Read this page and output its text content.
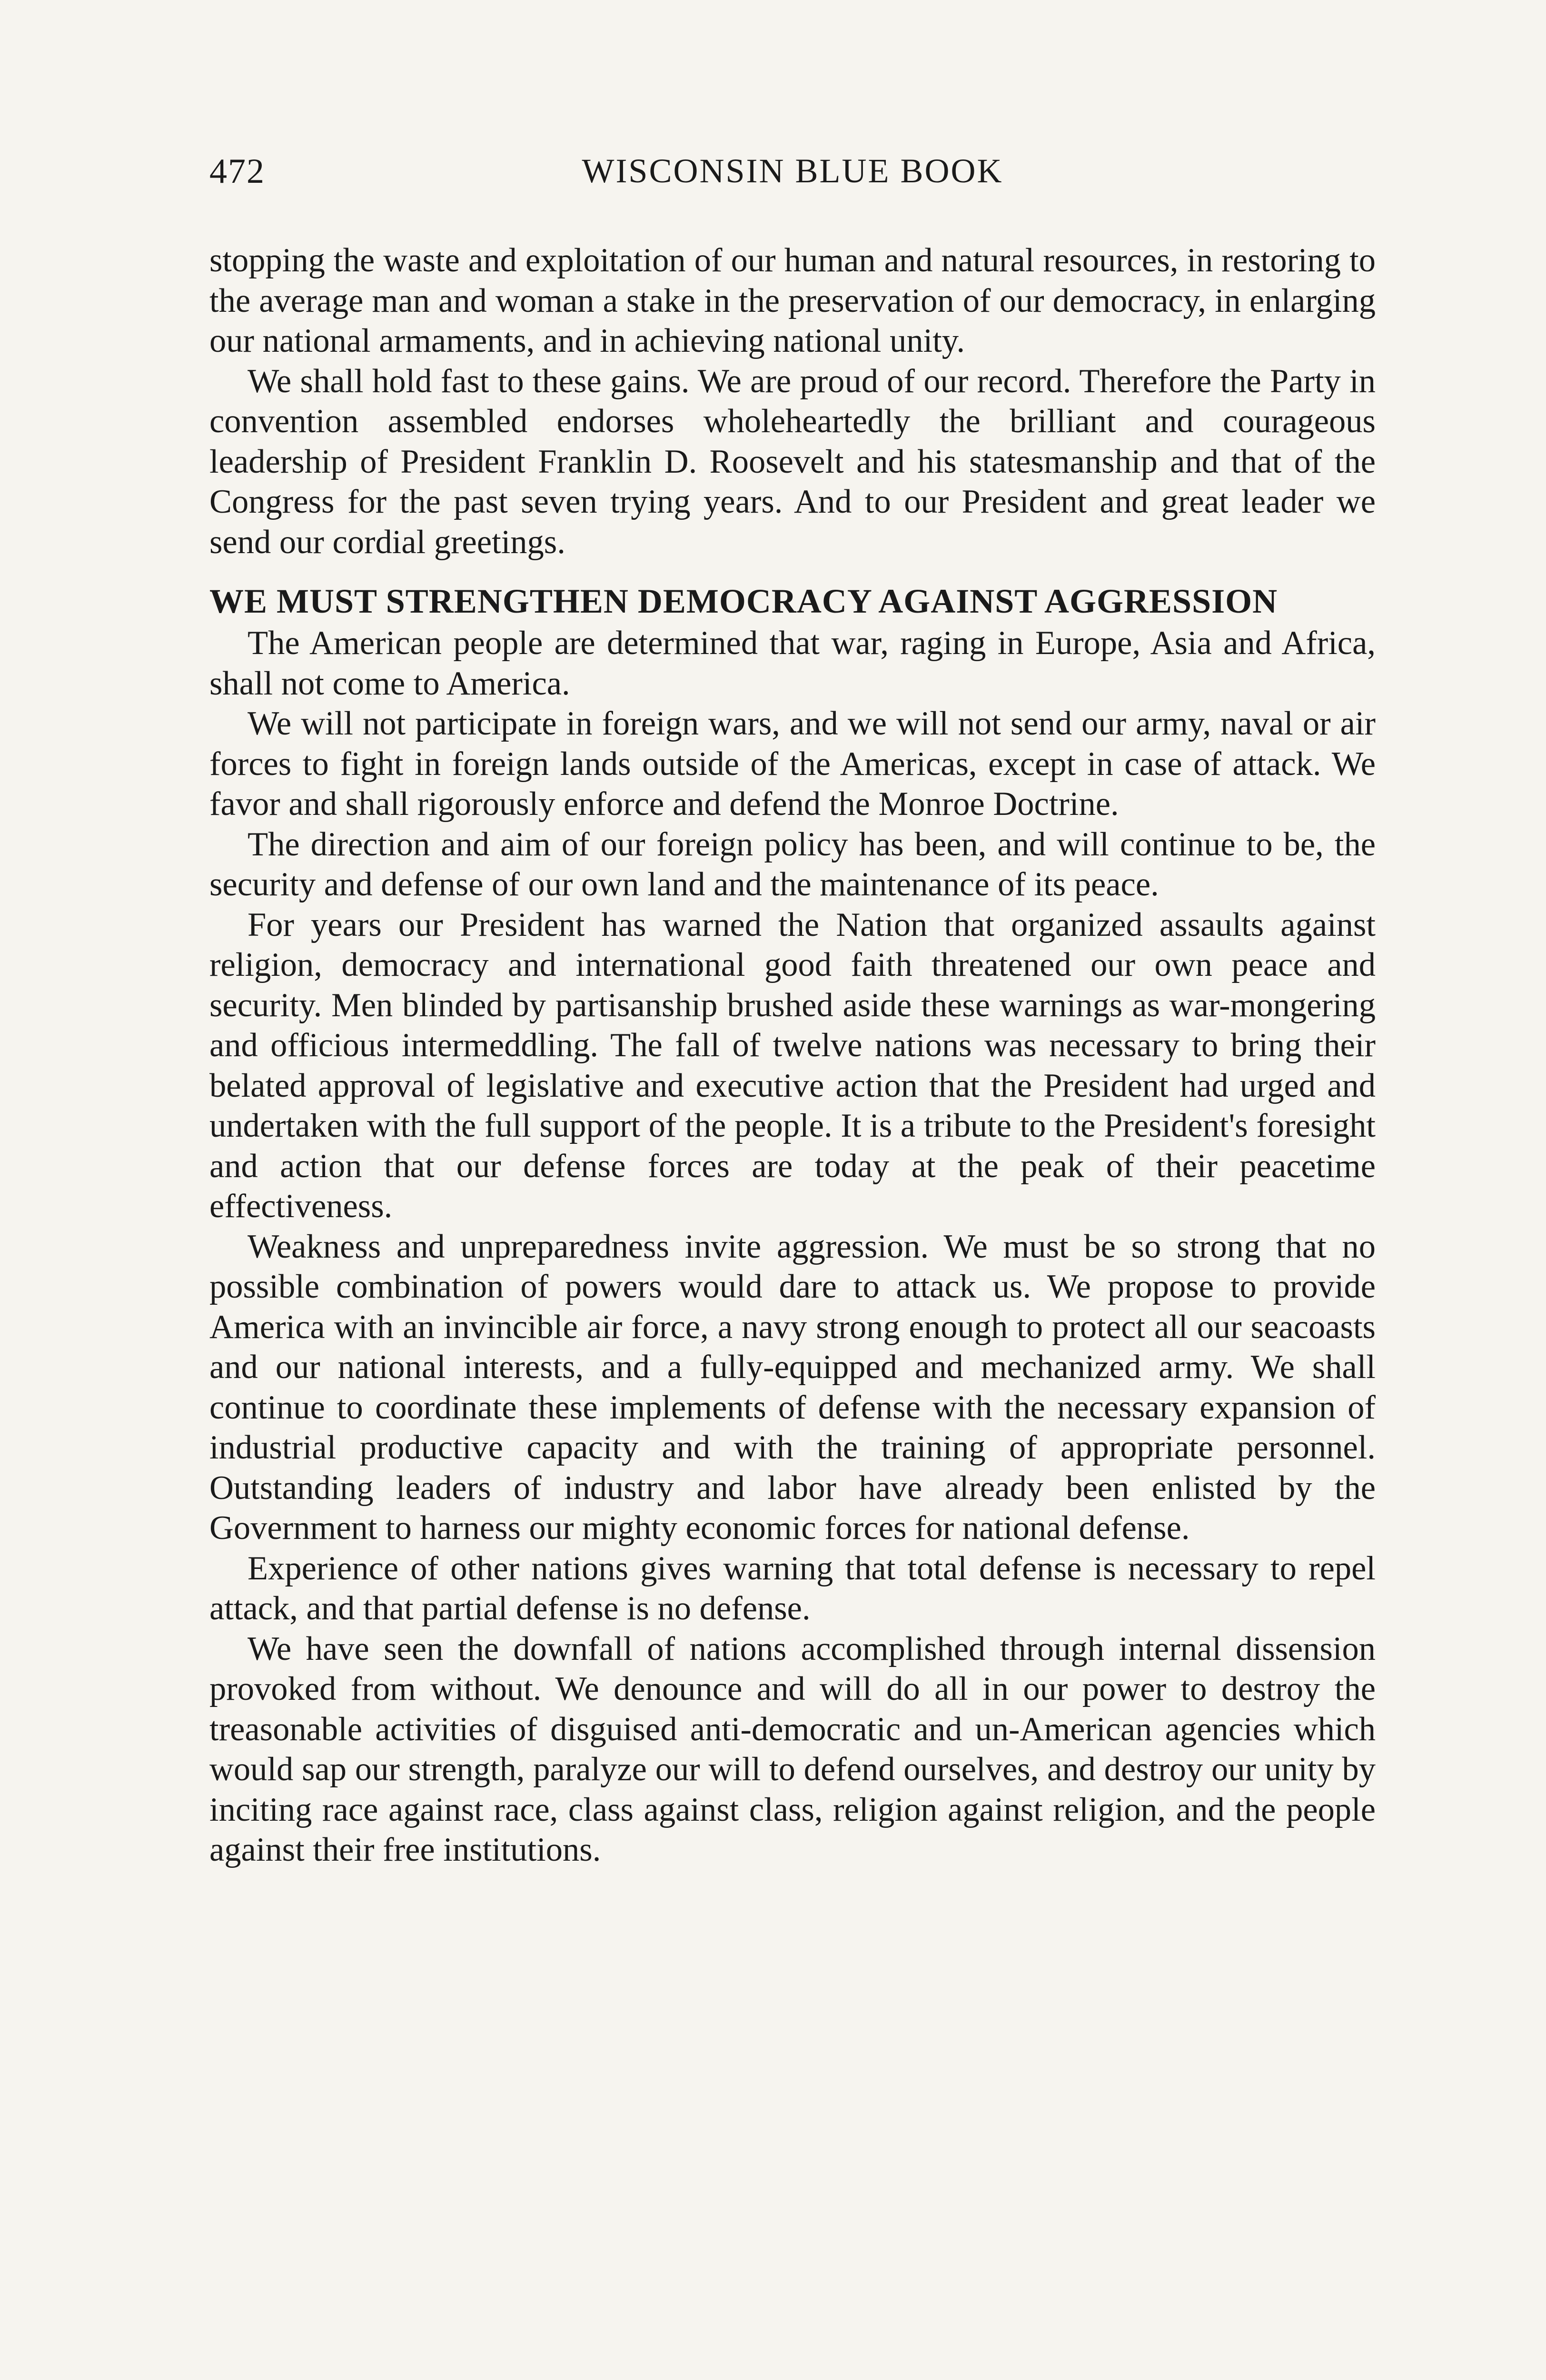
472	WISCONSIN BLUE BOOK

stopping the waste and exploitation of our human and natural resources, in restoring to the average man and woman a stake in the preservation of our democracy, in enlarging our national armaments, and in achieving national unity.

We shall hold fast to these gains. We are proud of our record. Therefore the Party in convention assembled endorses wholeheartedly the brilliant and courageous leadership of President Franklin D. Roosevelt and his statesmanship and that of the Congress for the past seven trying years. And to our President and great leader we send our cordial greetings.

WE MUST STRENGTHEN DEMOCRACY AGAINST AGGRESSION

The American people are determined that war, raging in Europe, Asia and Africa, shall not come to America.

We will not participate in foreign wars, and we will not send our army, naval or air forces to fight in foreign lands outside of the Americas, except in case of attack. We favor and shall rigorously enforce and defend the Monroe Doctrine.

The direction and aim of our foreign policy has been, and will continue to be, the security and defense of our own land and the maintenance of its peace.

For years our President has warned the Nation that organized assaults against religion, democracy and international good faith threatened our own peace and security. Men blinded by partisanship brushed aside these warnings as war-mongering and officious intermeddling. The fall of twelve nations was necessary to bring their belated approval of legislative and executive action that the President had urged and undertaken with the full support of the people. It is a tribute to the President's foresight and action that our defense forces are today at the peak of their peacetime effectiveness.

Weakness and unpreparedness invite aggression. We must be so strong that no possible combination of powers would dare to attack us. We propose to provide America with an invincible air force, a navy strong enough to protect all our seacoasts and our national interests, and a fully-equipped and mechanized army. We shall continue to coordinate these implements of defense with the necessary expansion of industrial productive capacity and with the training of appropriate personnel. Outstanding leaders of industry and labor have already been enlisted by the Government to harness our mighty economic forces for national defense.

Experience of other nations gives warning that total defense is necessary to repel attack, and that partial defense is no defense.

We have seen the downfall of nations accomplished through internal dissension provoked from without. We denounce and will do all in our power to destroy the treasonable activities of disguised anti-democratic and un-American agencies which would sap our strength, paralyze our will to defend ourselves, and destroy our unity by inciting race against race, class against class, religion against religion, and the people against their free institutions.
